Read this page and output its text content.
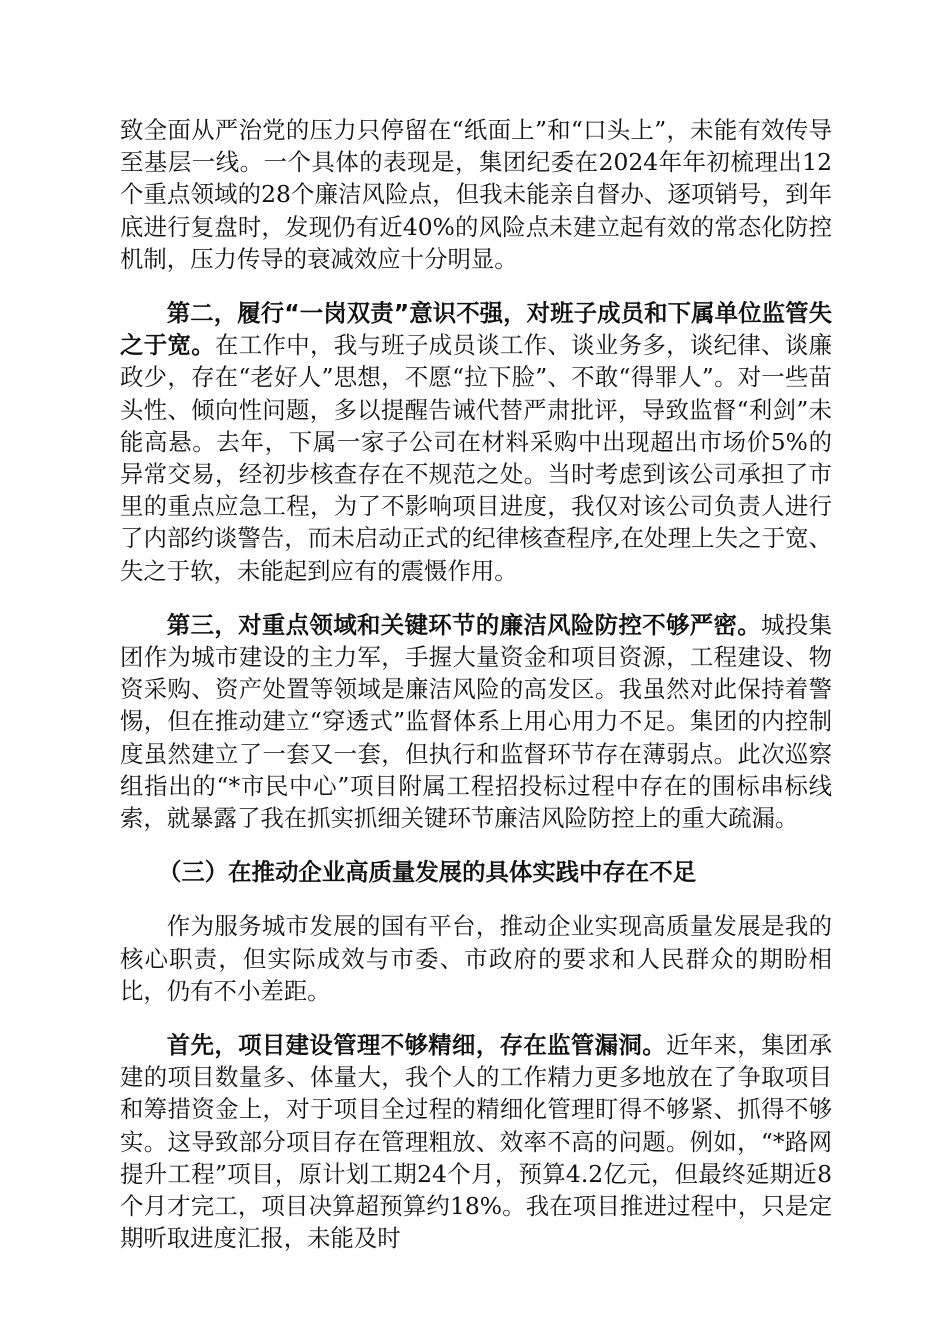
致全面从严治党的压力只停留在“纸面上”和“口头上”，未能有效传导至基层一线。一个具体的表现是，集团纪委在2024年年初梳理出12个重点领域的28个廉洁风险点，但我未能亲自督办、逐项销号，到年底进行复盘时，发现仍有近40%的风险点未建立起有效的常态化防控机制，压力传导的衰减效应十分明显。

第二，履行“一岗双责”意识不强，对班子成员和下属单位监管失之于宽。在工作中，我与班子成员谈工作、谈业务多，谈纪律、谈廉政少，存在“老好人”思想，不愿“拉下脸”、不敢“得罪人”。对一些苗头性、倾向性问题，多以提醒告诫代替严肃批评，导致监督“利剑”未能高悬。去年，下属一家子公司在材料采购中出现超出市场价5%的异常交易，经初步核查存在不规范之处。当时考虑到该公司承担了市里的重点应急工程，为了不影响项目进度，我仅对该公司负责人进行了内部约谈警告，而未启动正式的纪律核查程序,在处理上失之于宽、失之于软，未能起到应有的震慑作用。

第三，对重点领域和关键环节的廉洁风险防控不够严密。城投集团作为城市建设的主力军，手握大量资金和项目资源，工程建设、物资采购、资产处置等领域是廉洁风险的高发区。我虽然对此保持着警惕，但在推动建立“穿透式”监督体系上用心用力不足。集团的内控制度虽然建立了一套又一套，但执行和监督环节存在薄弱点。此次巡察组指出的“*市民中心”项目附属工程招投标过程中存在的围标串标线索，就暴露了我在抓实抓细关键环节廉洁风险防控上的重大疏漏。

（三）在推动企业高质量发展的具体实践中存在不足

作为服务城市发展的国有平台，推动企业实现高质量发展是我的核心职责，但实际成效与市委、市政府的要求和人民群众的期盼相比，仍有不小差距。

首先，项目建设管理不够精细，存在监管漏洞。近年来，集团承建的项目数量多、体量大，我个人的工作精力更多地放在了争取项目和筹措资金上，对于项目全过程的精细化管理盯得不够紧、抓得不够实。这导致部分项目存在管理粗放、效率不高的问题。例如，“*路网提升工程”项目，原计划工期24个月，预算4.2亿元，但最终延期近8个月才完工，项目决算超预算约18%。我在项目推进过程中，只是定期听取进度汇报，未能及时
